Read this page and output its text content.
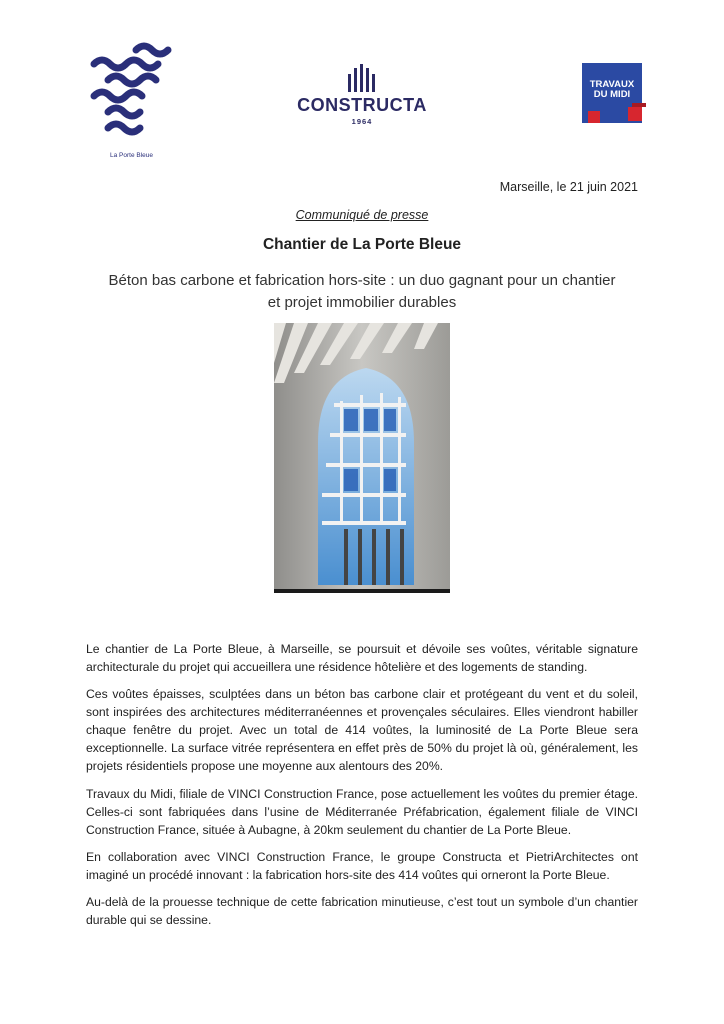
La Porte Bleue
CONSTRUCTA
1964
TRAVAUX
DU MIDI
Marseille, le 21 juin 2021
Communiqué de presse
Chantier de La Porte Bleue
Béton bas carbone et fabrication hors-site : un duo gagnant pour un chantier
et projet immobilier durables
Le chantier de La Porte Bleue, à Marseille, se poursuit et dévoile ses voûtes, véritable signature architecturale du projet qui accueillera une résidence hôtelière et des logements de standing.
Ces voûtes épaisses, sculptées dans un béton bas carbone clair et protégeant du vent et du soleil, sont inspirées des architectures méditerranéennes et provençales séculaires. Elles viendront habiller chaque fenêtre du projet. Avec un total de 414 voûtes, la luminosité de La Porte Bleue sera exceptionnelle. La surface vitrée représentera en effet près de 50% du projet là où, généralement, les projets résidentiels propose une moyenne aux alentours des 20%.
Travaux du Midi, filiale de VINCI Construction France, pose actuellement les voûtes du premier étage. Celles-ci sont fabriquées dans l’usine de Méditerranée Préfabrication, également filiale de VINCI Construction France, située à Aubagne, à 20km seulement du chantier de La Porte Bleue.
En collaboration avec VINCI Construction France, le groupe Constructa et PietriArchitectes ont imaginé un procédé innovant : la fabrication hors-site des 414 voûtes qui orneront la Porte Bleue.
Au-delà de la prouesse technique de cette fabrication minutieuse, c’est tout un symbole d’un chantier durable qui se dessine.
